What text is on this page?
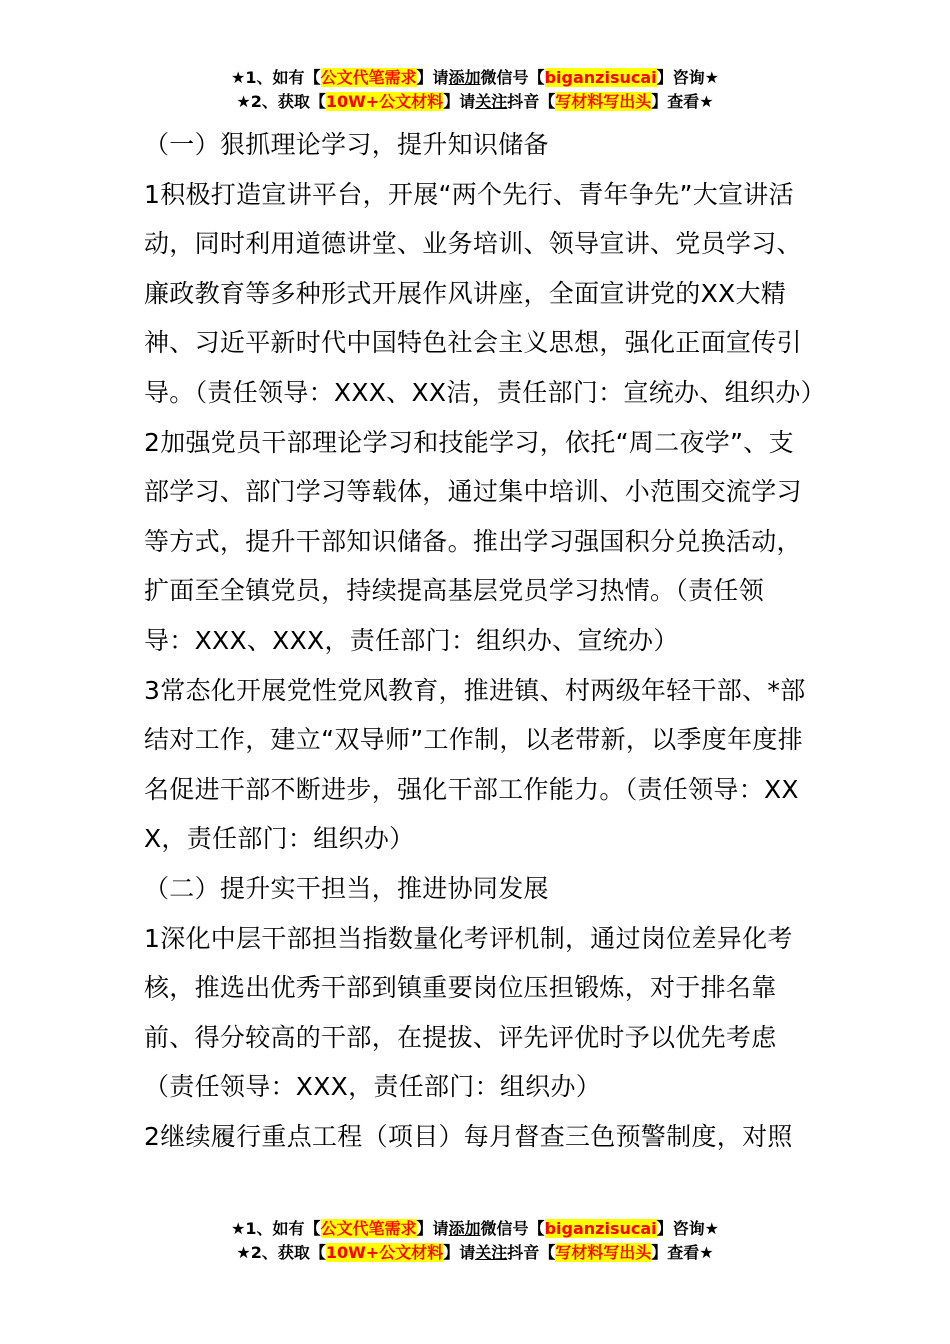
★1、如有【公文代笔需求】请添加微信号【biganzisucai】咨询★
★2、获取【10W+公文材料】请关注抖音【写材料写出头】查看★

（一）狠抓理论学习，提升知识储备

1积极打造宣讲平台，开展“两个先行、青年争先”大宣讲活动，同时利用道德讲堂、业务培训、领导宣讲、党员学习、廉政教育等多种形式开展作风讲座，全面宣讲党的XX大精神、习近平新时代中国特色社会主义思想，强化正面宣传引导。（责任领导：XXX、XX洁，责任部门：宣统办、组织办）

2加强党员干部理论学习和技能学习，依托“周二夜学”、支部学习、部门学习等载体，通过集中培训、小范围交流学习等方式，提升干部知识储备。推出学习强国积分兑换活动，扩面至全镇党员，持续提高基层党员学习热情。（责任领导：XXX、XXX，责任部门：组织办、宣统办）

3常态化开展党性党风教育，推进镇、村两级年轻干部、*部结对工作，建立“双导师”工作制，以老带新，以季度年度排名促进干部不断进步，强化干部工作能力。（责任领导：XXX，责任部门：组织办）

（二）提升实干担当，推进协同发展

1深化中层干部担当指数量化考评机制，通过岗位差异化考核，推选出优秀干部到镇重要岗位压担锻炼，对于排名靠前、得分较高的干部，在提拔、评先评优时予以优先考虑（责任领导：XXX，责任部门：组织办）

2继续履行重点工程（项目）每月督查三色预警制度，对照

★1、如有【公文代笔需求】请添加微信号【biganzisucai】咨询★
★2、获取【10W+公文材料】请关注抖音【写材料写出头】查看★
